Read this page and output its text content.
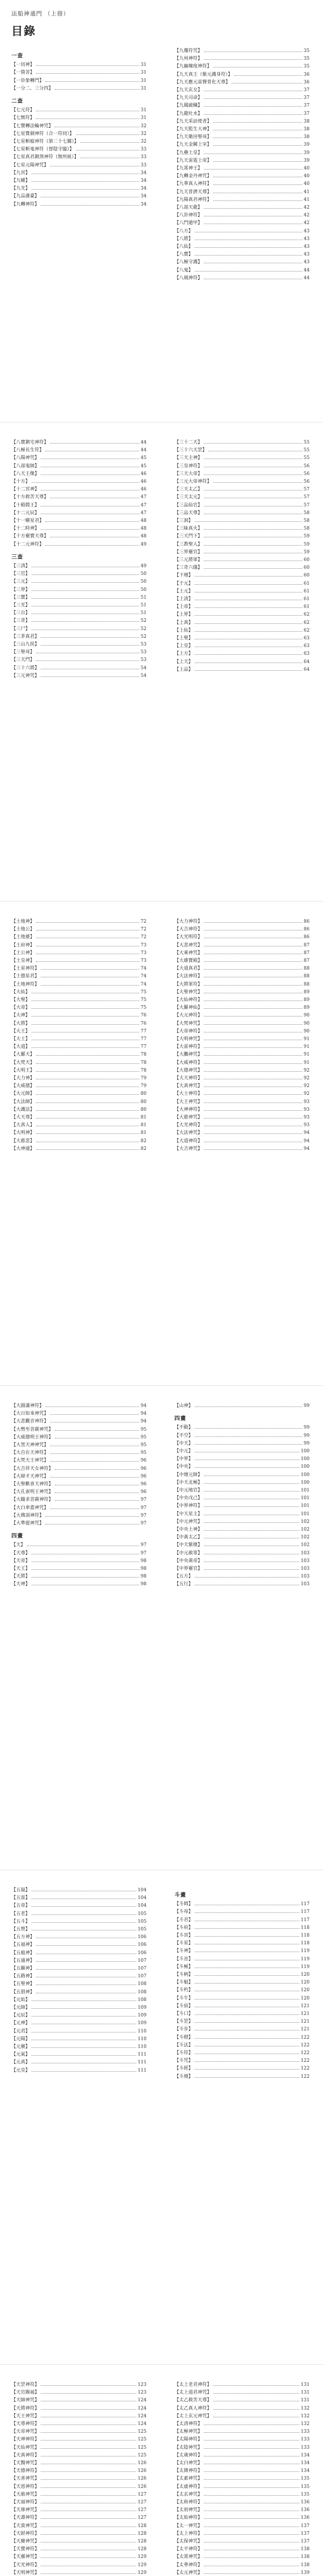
法船神通門 （上冊）
目錄
一查
【一切神】	31
【一箇菩】	31
【一卦象轉門】	31
【一分二、三分四】	31
二查
【七元符】	31
【七無符】	31
【七寶轉法輪神咒】	32
【七星寶劍神符（合一符同）】	32
【七星斬瘟神符（第二十七關）】	32
【七星斬鬼神符（督陰守臨）】	33
【七星真君鎮煞神符（無所統）】	33
【七星元陽神咒】	33
【九宮】	34
【九曜】	34
【九光】	34
【九品蓮臺】	34
【九轉神符】	34
【九瓊符咒】	35
【九州神符】	35
【九幽煉度神符】	35
【九天真王（紫元護身符）】	36
【九天應元雷聲普化天尊】	36
【九天玄女】	37
【九天司命】	37
【九鳳破穢】	37
【九龍吐水】	37
【九天采訪使者】	38
【九天監生大神】	38
【九天衛房聖母】	38
【九天金闕上宰】	39
【九壘土皇】	39
【九天雷霆上帝】	39
【九霄神王】	40
【九轉金丹神咒】	40
【九華真人神符】	40
【九天普濟天尊】	41
【九陽真君神符】	41
【八部天龍】	42
【八卦神符】	42
【八門遁甲】	42
【八方】	43
【八將】	43
【八仙】	43
【八寶】	43
【八極守護】	43
【八鬼】	44
【八風神符】	44
【八寶鎮宅神符】	44
【八極長生符】	44
【八陽神咒】	45
【八部鬼帥】	45
【八天王像】	46
【十方】	46
【十二宮神】	46
【十方救苦天尊】	47
【十殿閻王】	47
【十二元辰】	47
【十一曜星君】	48
【十二時神】	48
【十方靈寶天尊】	48
【十二元神符】	49
三查
【三清】	49
【三官】	50
【三元】	50
【三界】	50
【三寶】	51
【三光】	51
【三台】	51
【三奇】	52
【三尸】	52
【三茅真君】	52
【三山九侯】	53
【三聖母】	53
【三天門】	53
【三十六將】	54
【三元神咒】	54
【三十二天】	55
【三十六天罡】	55
【三天主神】	55
【三皇神符】	56
【三天大帝】	56
【三元大帝神符】	56
【三天太乙】	57
【三天太元】	57
【三品仙官】	57
【三品天尊】	58
【三洞】	58
【三昧真火】	58
【三天門下】	59
【三教聖人】	59
【三界靈官】	59
【三元將軍】	60
【三奇六儀】	60
【下壇】	60
【于元】	61
【上元】	61
【上清】	61
【上帝】	61
【上界】	62
【上真】	62
【上仙】	62
【上聖】	63
【上皇】	63
【上方】	63
【上天】	64
【上品】	64
【土地神】	72
【土地公】	72
【土地婆】	72
【土府神】	73
【土公神】	73
【土皇神】	73
【土星神符】	74
【土德星君】	74
【土地神符】	74
【大仙】	75
【大聖】	75
【大帝】	75
【大神】	76
【大將】	76
【大王】	77
【大士】	77
【大道】	77
【大羅天】	78
【大梵天】	78
【大明王】	78
【大力神】	79
【大威德】	79
【大元帥】	80
【大法師】	80
【大護法】	80
【大天尊】	81
【大真人】	81
【大明神】	81
【大慈悲】	82
【大神通】	82
【大力神符】	86
【大吉神符】	86
【大光明符】	86
【大悲神咒】	87
【大乘神咒】	87
【大雄寶殿】	87
【大道真君】	88
【大法神符】	88
【大將軍符】	88
【大聖神咒】	89
【大仙神符】	89
【大羅神仙】	89
【大元神符】	90
【大梵神咒】	90
【大帝神符】	90
【大明神咒】	91
【大雷神符】	91
【大鵬神咒】	91
【大威神符】	91
【大德神咒】	92
【大天神符】	92
【大真神咒】	92
【大士神符】	92
【大王神咒】	93
【大神神符】	93
【大慈神咒】	93
【大光神符】	93
【大法神咒】	94
【大道神符】	94
【大吉神咒】	94
【大圓滿神符】	94
【大日如來神咒】	94
【大悲觀音神符】	94
【大勢至菩薩神咒】	95
【大威德明王神符】	95
【大黑天神神咒】	95
【大自在天神符】	95
【大梵天王神咒】	96
【大吉祥天女神符】	96
【大辯才天神咒】	96
【大聖歡喜天神符】	96
【大孔雀明王神咒】	96
【大隨求菩薩神符】	97
【大白傘蓋神咒】	97
【大佛頂神符】	97
【大準提神咒】	97
四畫
【天】	97
【天尊】	97
【天帝】	98
【天王】	98
【天將】	98
【天神】	98
【山神】	99
四畫
【不動】	99
【不空】	99
【中天】	99
【中元】	100
【中界】	100
【中央】	100
【中壇元帥】	100
【中天北極】	100
【中元地官】	101
【中央戊己】	101
【中界神符】	101
【中天星主】	101
【中元神咒】	102
【中央土神】	102
【中黃太乙】	102
【中天紫微】	102
【中元赦罪】	103
【中央黃帝】	103
【中界靈官】	103
【五方】	103
【五行】	103
【五嶽】	104
【五雷】	104
【五帝】	104
【五老】	105
【五斗】	105
【五營】	105
【五方神】	106
【五福神】	106
【五瘟神】	106
【五通神】	107
【五顯神】	107
【五路神】	107
【五聖神】	108
【五猖神】	108
【元始】	108
【元帥】	109
【元辰】	109
【元神】	109
【元君】	110
【元陽】	110
【元靈】	110
【元氣】	111
【元真】	111
【元皇】	111
斗畫
【斗姆】	117
【斗母】	117
【斗君】	117
【斗府】	118
【斗宮】	118
【斗星】	118
【斗神】	119
【斗首】	119
【斗極】	119
【斗柄】	120
【斗魁】	120
【斗杓】	120
【斗牛】	120
【斗宿】	121
【斗口】	121
【斗罡】	121
【斗步】	121
【斗燈】	122
【斗法】	122
【斗符】	122
【斗咒】	122
【斗經】	122
【斗壇】	122
【天罡神符】	123
【天官賜福】	123
【天師神咒】	124
【天將神符】	124
【天王神咒】	124
【天尊神符】	124
【天帝神咒】	125
【天神神符】	125
【天仙神咒】	125
【天真神符】	125
【天醫神咒】	126
【天德神符】	126
【天喜神咒】	126
【天恩神符】	126
【天赦神咒】	127
【天福神符】	127
【天祿神咒】	127
【天壽神符】	127
【天貴神咒】	128
【天財神符】	128
【天慶神咒】	128
【天寶神符】	128
【天靈神咒】	129
【天光神符】	129
【天明神咒】	129
【太上老君神符】	131
【太上道君神咒】	131
【太乙救苦天尊】	131
【太乙真人神符】	132
【太上玄元神咒】	132
【太清神符】	132
【太極神咒】	133
【太陽神符】	133
【太陰神咒】	133
【太歲神符】	134
【太白神咒】	134
【太微神符】	134
【太素神咒】	135
【太虛神符】	135
【太玄神咒】	135
【太和神符】	136
【太初神咒】	136
【太始神符】	136
【太一神咒】	137
【太上神符】	137
【太保神咒】	137
【太平神符】	138
【太霄神咒】	138
【太華神符】	138
【太元神咒】	139
